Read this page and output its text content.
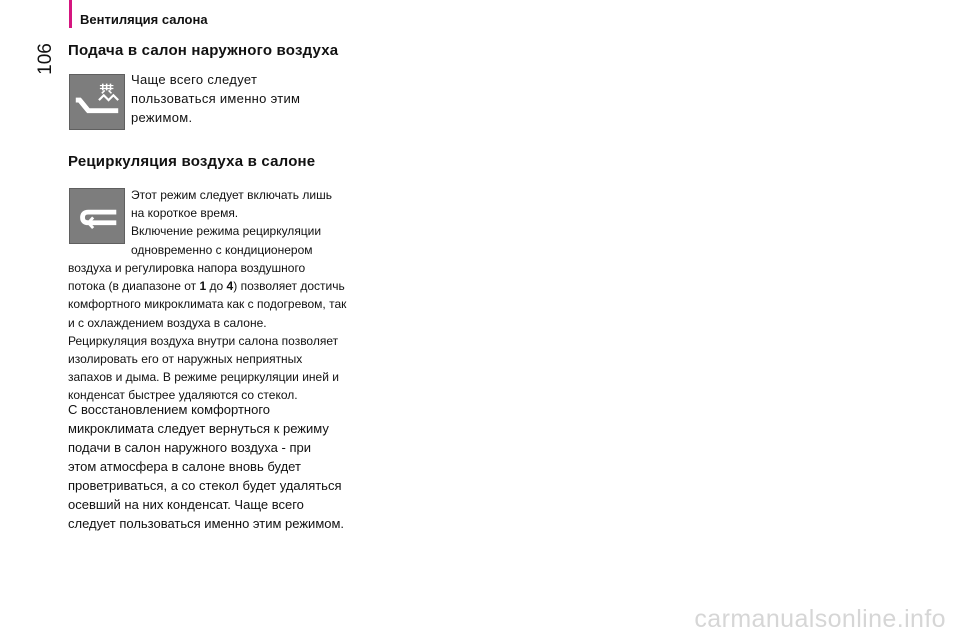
Вентиляция салона
106 Подача в салон наружного воздуха

Чаще всего следует
пользоваться именно этим
режимом.

Рециркуляция воздуха в салоне

Этот режим следует включать лишь
на короткое время.
Включение режима рециркуляции
одновременно с кондиционером

воздуха и регулировка напора воздушного
потока (в диапазоне от 1 до 4) позволяет достичь
комфортного микроклимата как с подогревом, так
и с охлаждением воздуха в салоне.
Рециркуляция воздуха внутри салона позволяет
изолировать его от наружных неприятных
запахов и дыма. В режиме рециркуляции иней и
конденсат быстрее удаляются со стекол.

С восстановлением комфортного
микроклимата следует вернуться к режиму
подачи в салон наружного воздуха - при
этом атмосфера в салоне вновь будет
проветриваться, а со стекол будет удаляться
осевший на них конденсат. Чаще всего
следует пользоваться именно этим режимом.

carmanualsonline.info
